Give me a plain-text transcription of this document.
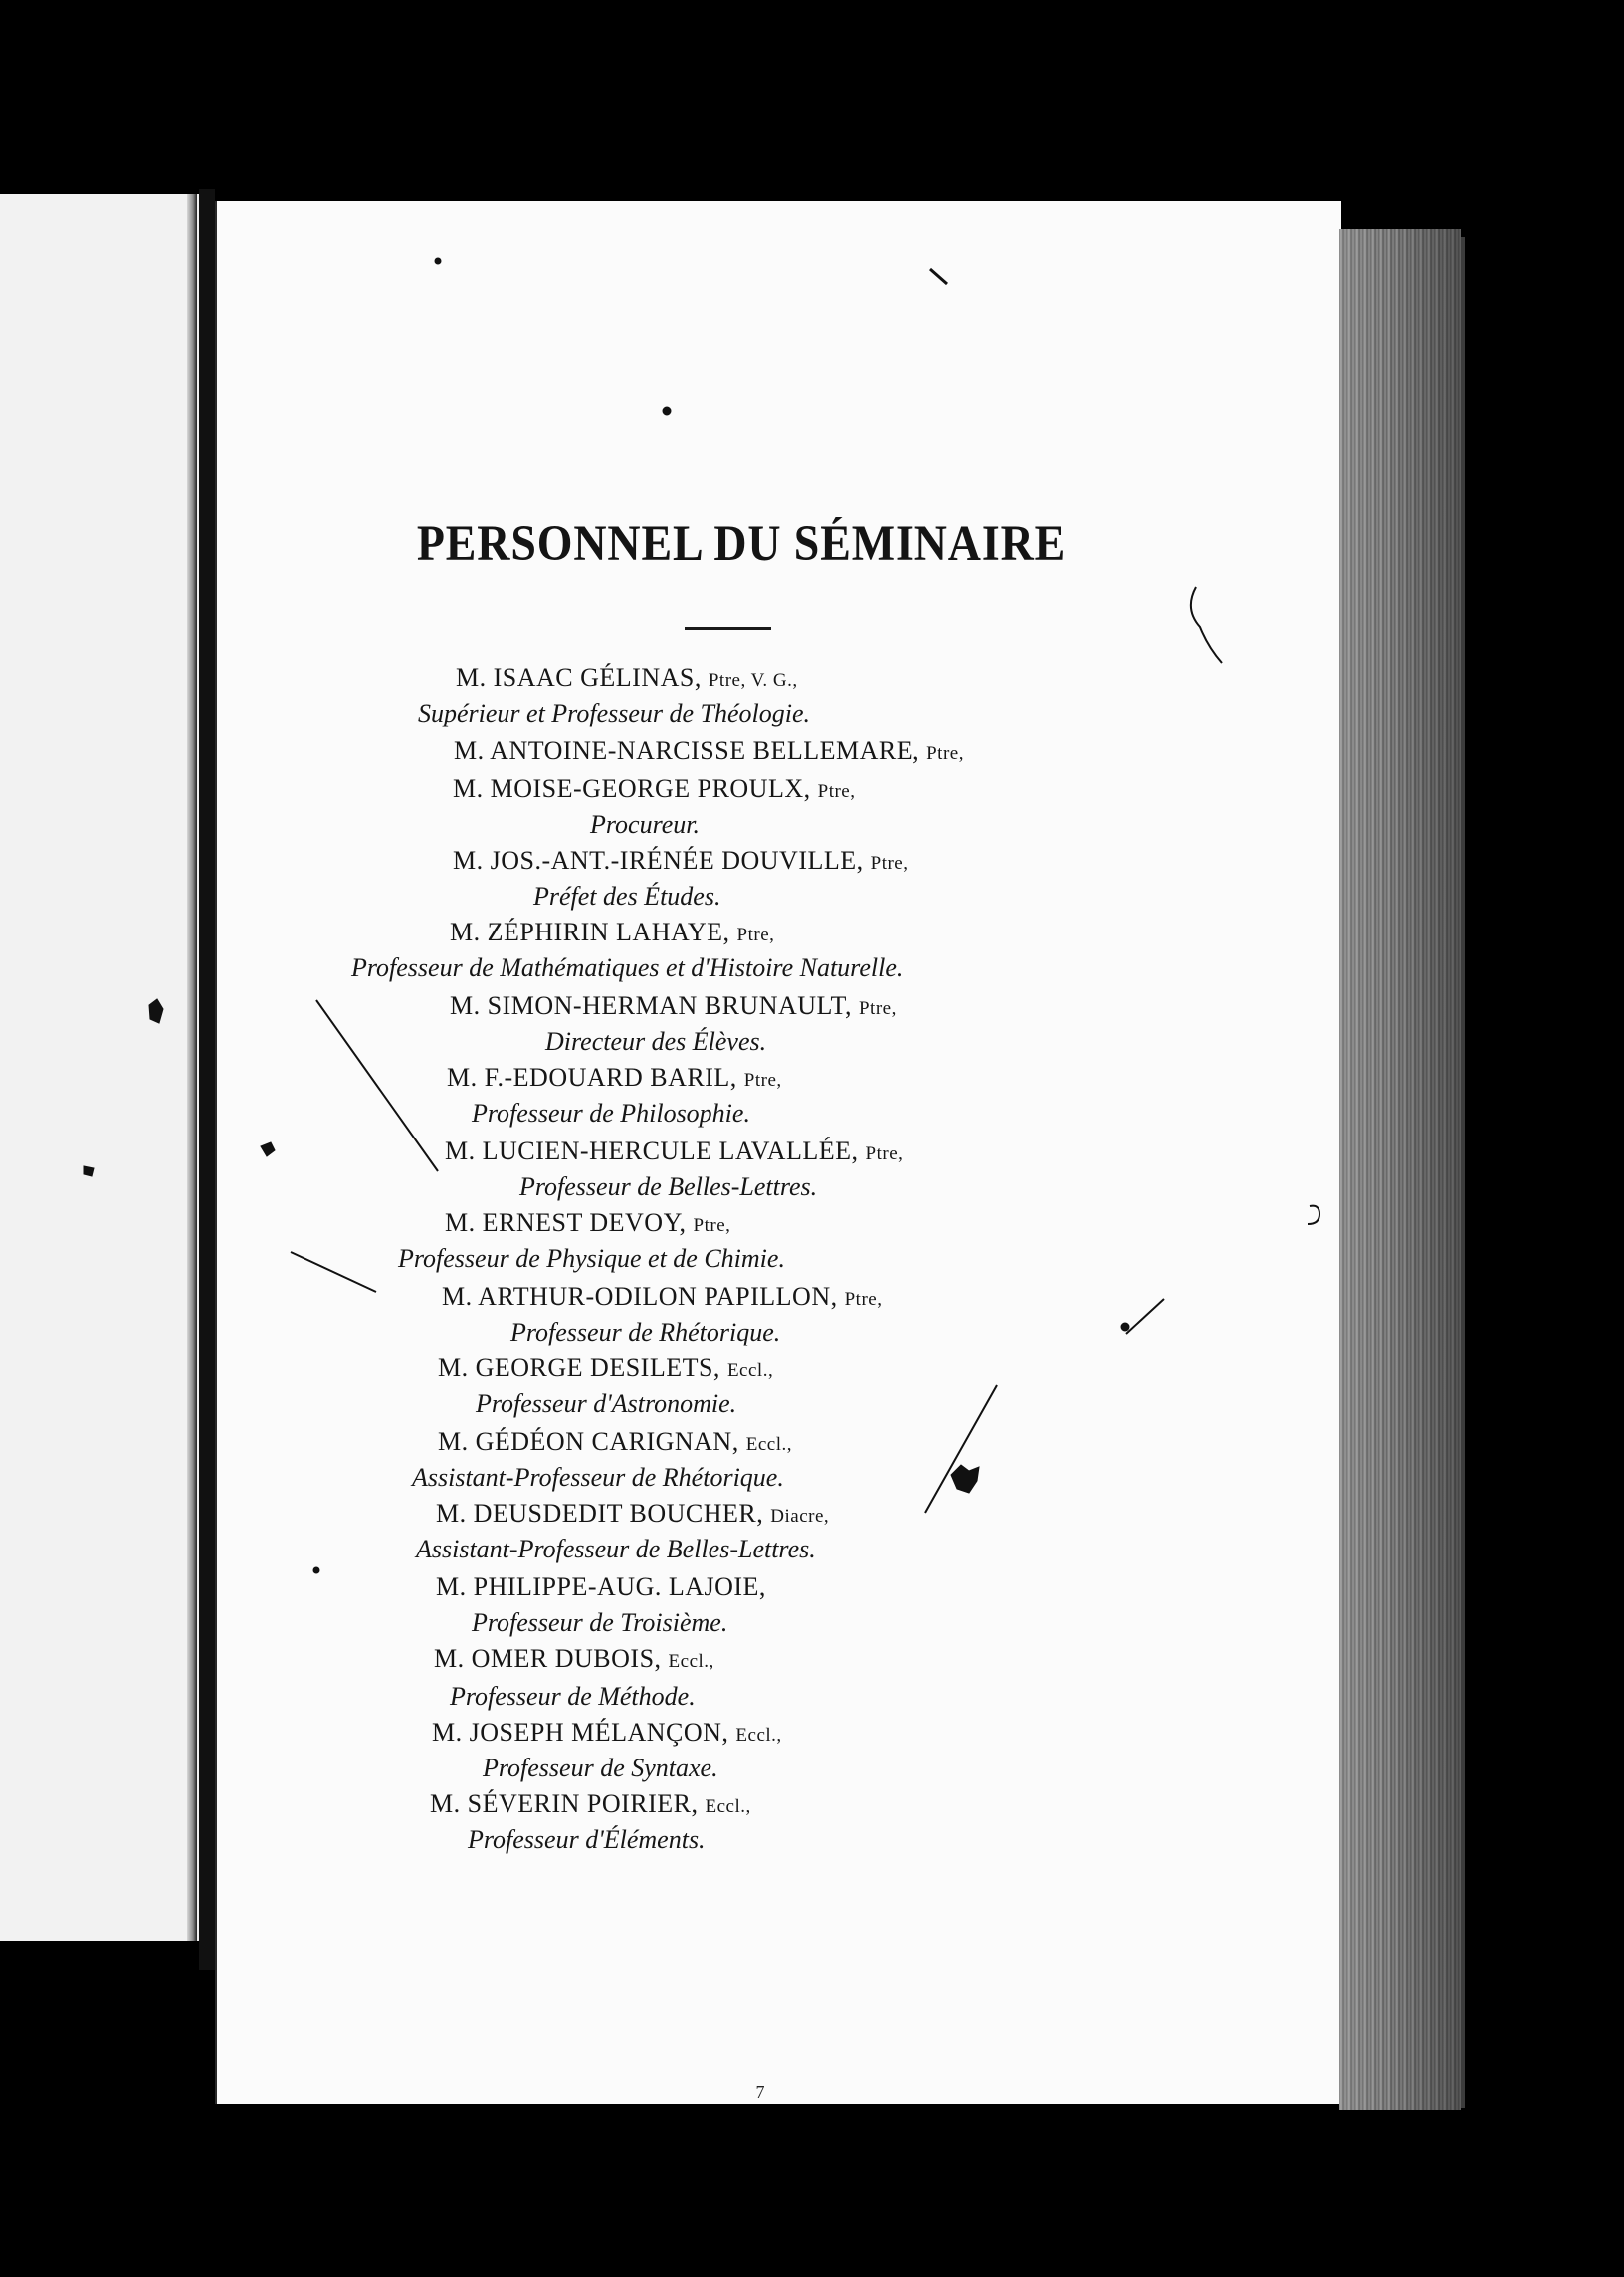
PERSONNEL DU SÉMINAIRE
M. ISAAC GÉLINAS, Ptre, V. G.,
Supérieur et Professeur de Théologie.
M. ANTOINE-NARCISSE BELLEMARE, Ptre,
M. MOISE-GEORGE PROULX, Ptre,
Procureur.
M. JOS.-ANT.-IRÉNÉE DOUVILLE, Ptre,
Préfet des Études.
M. ZÉPHIRIN LAHAYE, Ptre,
Professeur de Mathématiques et d'Histoire Naturelle.
M. SIMON-HERMAN BRUNAULT, Ptre,
Directeur des Élèves.
M. F.-EDOUARD BARIL, Ptre,
Professeur de Philosophie.
M. LUCIEN-HERCULE LAVALLÉE, Ptre,
Professeur de Belles-Lettres.
M. ERNEST DEVOY, Ptre,
Professeur de Physique et de Chimie.
M. ARTHUR-ODILON PAPILLON, Ptre,
Professeur de Rhétorique.
M. GEORGE DESILETS, Eccl.,
Professeur d'Astronomie.
M. GÉDÉON CARIGNAN, Eccl.,
Assistant-Professeur de Rhétorique.
M. DEUSDEDIT BOUCHER, Diacre,
Assistant-Professeur de Belles-Lettres.
M. PHILIPPE-AUG. LAJOIE,
Professeur de Troisième.
M. OMER DUBOIS, Eccl.,
Professeur de Méthode.
M. JOSEPH MÉLANÇON, Eccl.,
Professeur de Syntaxe.
M. SÉVERIN POIRIER, Eccl.,
Professeur d'Éléments.
7
